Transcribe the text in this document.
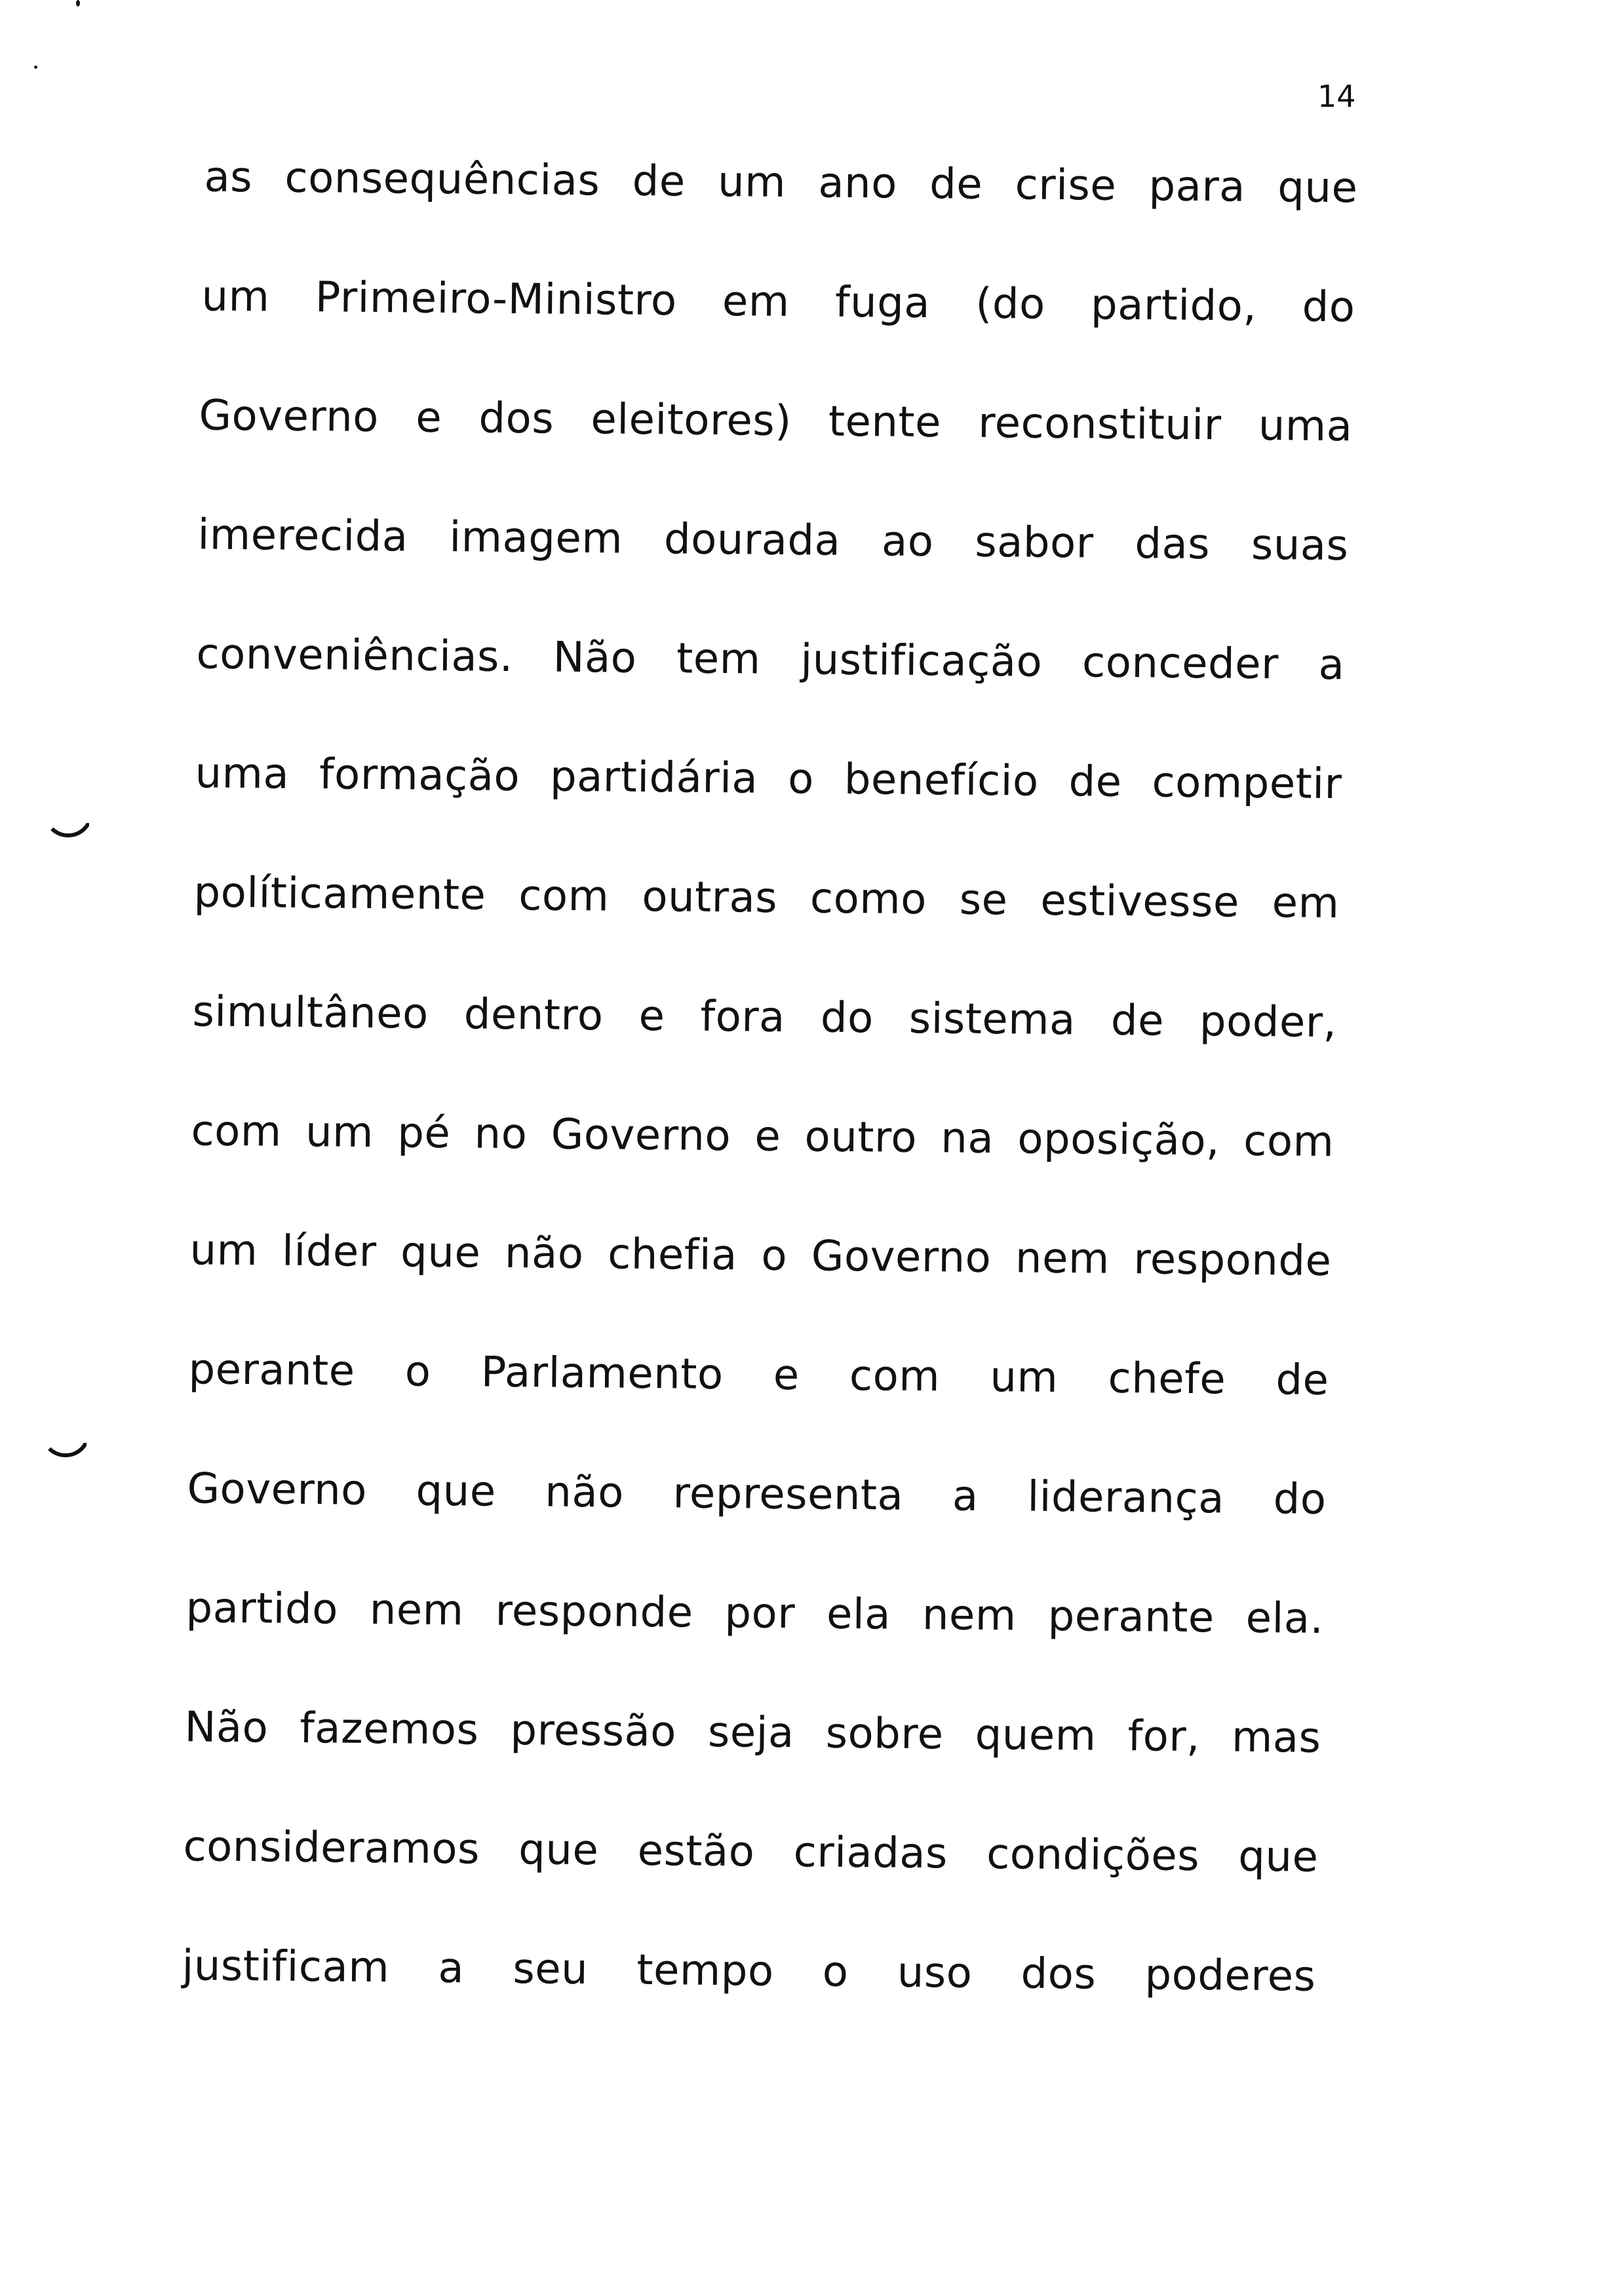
14
as consequências de um ano de crise para que
um Primeiro-Ministro em fuga (do partido, do
Governo e dos eleitores) tente reconstituir uma
imerecida imagem dourada ao sabor das suas
conveniências. Não tem justificação conceder a
uma formação partidária o benefício de competir
políticamente com outras como se estivesse em
simultâneo dentro e fora do sistema de poder,
com um pé no Governo e outro na oposição, com
um líder que não chefia o Governo nem responde
perante o Parlamento e com um chefe de
Governo que não representa a liderança do
partido nem responde por ela nem perante ela.
Não fazemos pressão seja sobre quem for, mas
consideramos que estão criadas condições que
justificam a seu tempo o uso dos poderes
